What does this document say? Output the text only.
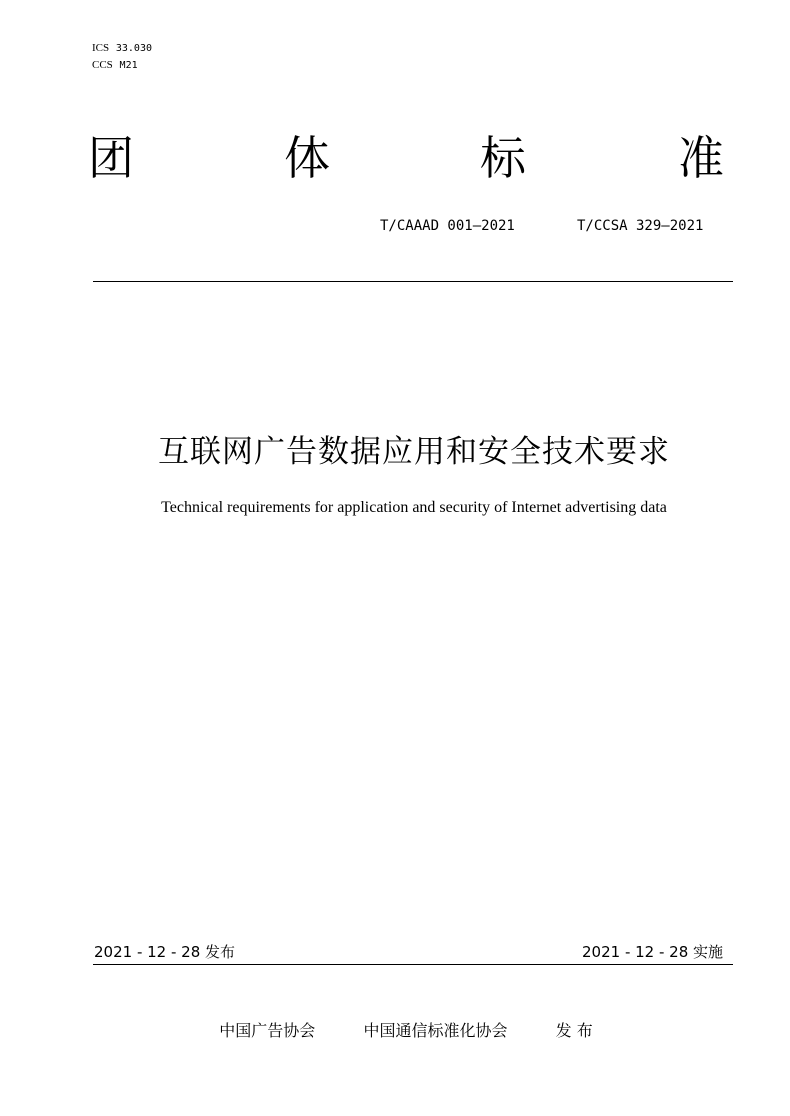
ICS 33.030
CCS M21
团	体	标	准
T/CAAAD 001—2021	T/CCSA 329—2021
互联网广告数据应用和安全技术要求
Technical requirements for application and security of Internet advertising data
2021 - 12 - 28 发布	2021 - 12 - 28 实施
中国广告协会	中国通信标准化协会	发 布
